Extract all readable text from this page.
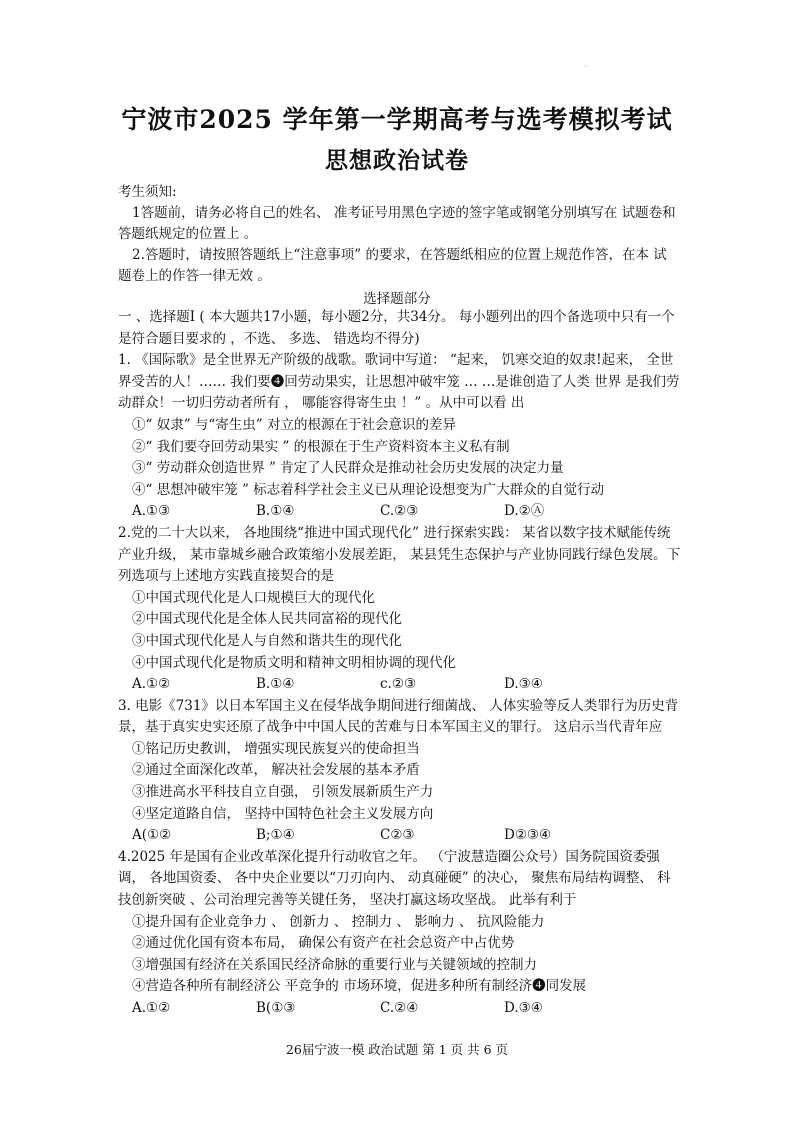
·
宁波市2025 学年第一学期高考与选考模拟考试
思想政治试卷

考生须知:

1答题前，请务必将自己的姓名、 准考证号用黑色字迹的签字笔或钢笔分别填写在 试题卷和答题纸规定的位置上 。

2.答题时，请按照答题纸上“注意事项” 的要求，在答题纸相应的位置上规范作答，在本 试题卷上的作答一律无效 。

选择题部分

一 、选择题Ⅰ ( 本大题共17小题，每小题2分，共34分。 每小题列出的四个备选项中只有一个是符合题目要求的 ，不选、 多选、 错选均不得分)

1. 《国际歌》是全世界无产阶级的战歌。歌词中写道： “起来， 饥寒交迫的奴隶!起来， 全世界受苦的人！…… 我们要❹回劳动果实，让思想冲破牢笼 … …是谁创造了人类 世界 是我们劳动群众！一切归劳动者所有 ， 哪能容得寄生虫 ！” 。从中可以看 出

①“ 奴隶” 与“寄生虫” 对立的根源在于社会意识的差异

②“ 我们要夺回劳动果实 ” 的根源在于生产资料资本主义私有制

③“ 劳动群众创造世界 ” 肯定了人民群众是推动社会历史发展的决定力量

④“ 思想冲破牢笼 ” 标志着科学社会主义已从理论设想变为广大群众的自觉行动

A.①③	B.①④	C.②③	D.②Ⓐ

2.党的二十大以来， 各地围绕“推进中国式现代化” 进行探索实践： 某省以数字技术赋能传统产业升级， 某市靠城乡融合政策缩小发展差距， 某县凭生态保护与产业协同践行绿色发展。下列选项与上述地方实践直接契合的是

①中国式现代化是人口规模巨大的现代化

②中国式现代化是全体人民共同富裕的现代化

③中国式现代化是人与自然和谐共生的现代化

④中国式现代化是物质文明和精神文明相协调的现代化

A.①②	B.①④	c.②③	D.③④

3. 电影《731》以日本军国主义在侵华战争期间进行细菌战、 人体实验等反人类罪行为历史背景，基于真实史实还原了战争中中国人民的苦难与日本军国主义的罪行。 这启示当代青年应

①铭记历史教训， 增强实现民族复兴的使命担当

②通过全面深化改革， 解决社会发展的基本矛盾

③推进高水平科技自立自强， 引领发展新质生产力

④坚定道路自信， 坚持中国特色社会主义发展方向

A(①②	B;①④	C②③	D②③④

4.2025 年是国有企业改革深化提升行动收官之年。 （宁波慧造圈公众号）国务院国资委强调， 各地国资委、 各中央企业要以“刀刃向内、 动真碰硬” 的决心， 聚焦布局结构调整、 科技创新突破 、公司治理完善等关键任务， 坚决打赢这场攻坚战。 此举有利于

①提升国有企业竞争力 、 创新力 、 控制力 、 影响力 、 抗风险能力

②通过优化国有资本布局， 确保公有资产在社会总资产中占优势

③增强国有经济在关系国民经济命脉的重要行业与关键领域的控制力

④营造各种所有制经济公 平竞争的 市场环境，促进多种所有制经济❹同发展

A.①②	B(①③	C.②④	D.③④

26届宁波一模 政治试题 第 1 页 共 6 页
